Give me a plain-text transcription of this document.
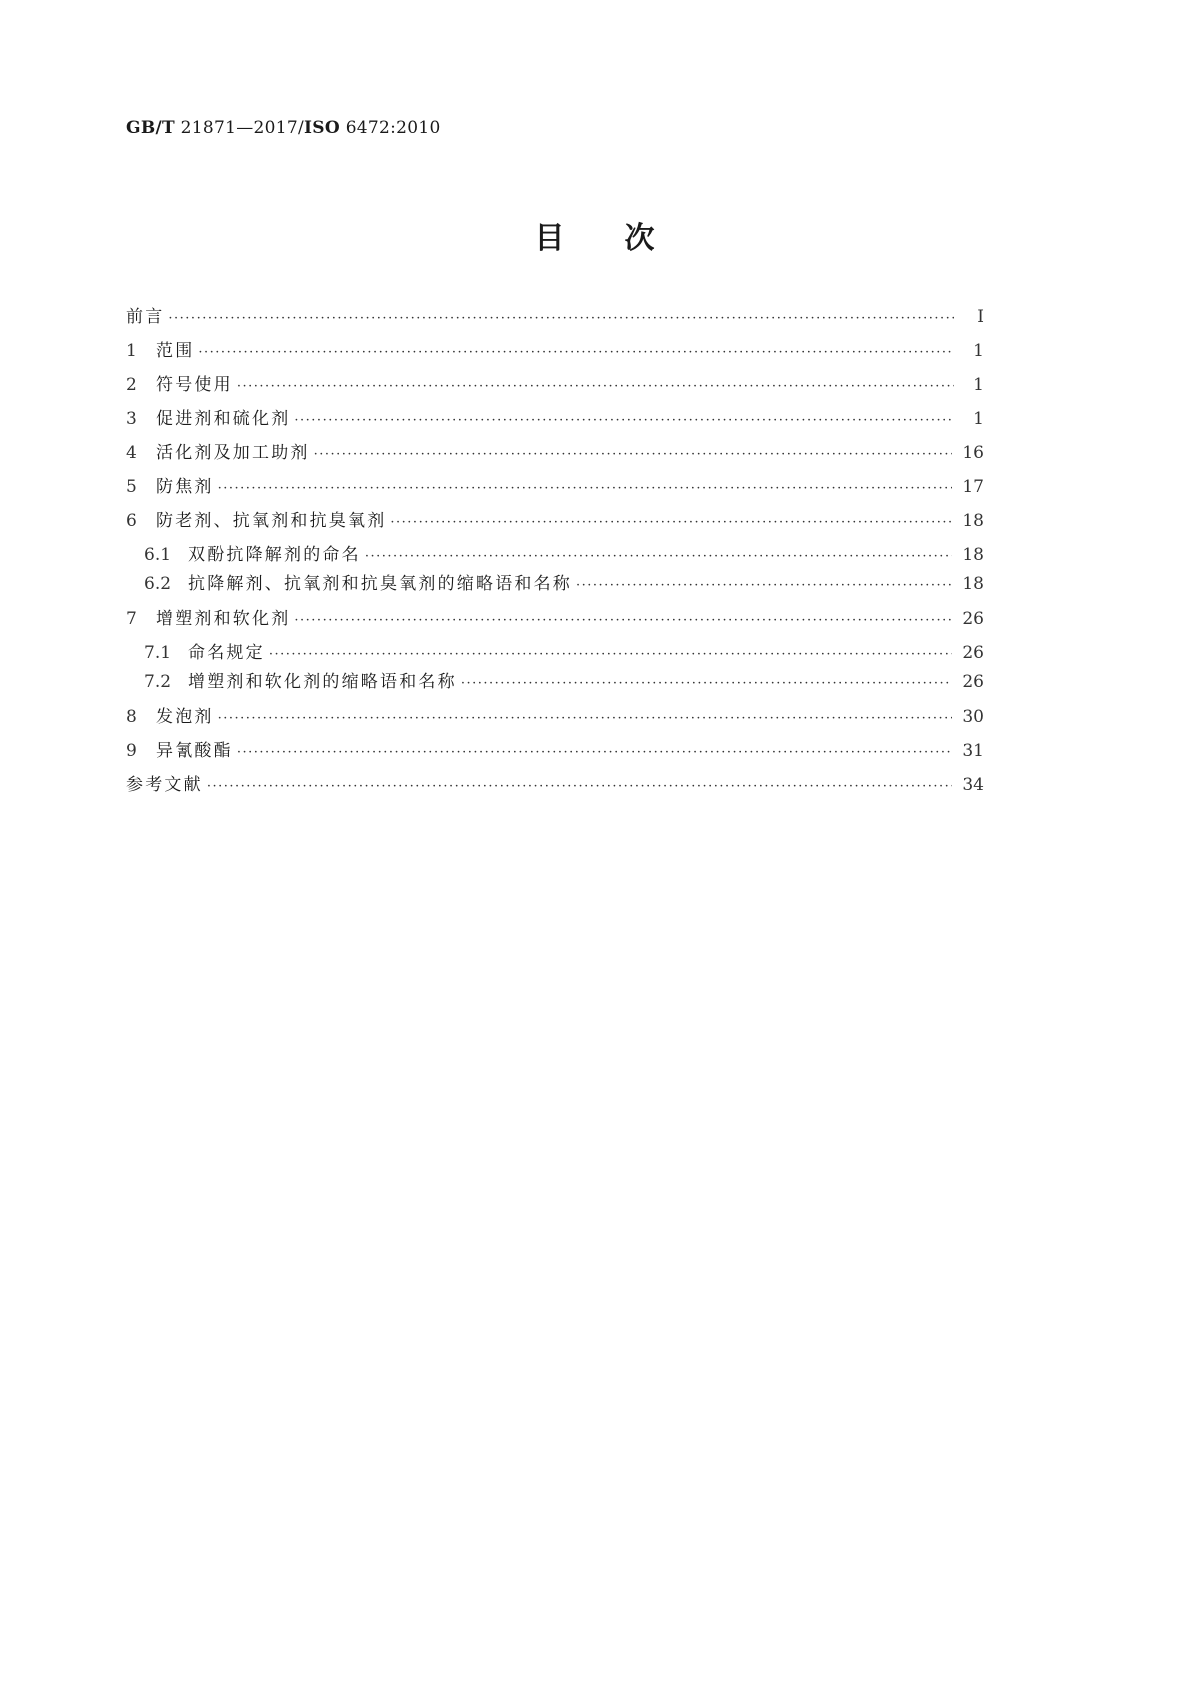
GB/T 21871—2017/ISO 6472:2010
目 次
前言 ·····	Ⅰ
1	范围 ·····	1
2	符号使用 ·····	1
3	促进剂和硫化剂 ·····	1
4	活化剂及加工助剂 ·····	16
5	防焦剂 ·····	17
6	防老剂、抗氧剂和抗臭氧剂 ·····	18
6.1 双酚抗降解剂的命名 ·····	18
6.2 抗降解剂、抗氧剂和抗臭氧剂的缩略语和名称 ·····	18
7	增塑剂和软化剂 ·····	26
7.1 命名规定 ·····	26
7.2 增塑剂和软化剂的缩略语和名称 ·····	26
8	发泡剂 ·····	30
9	异氰酸酯 ·····	31
参考文献 ·····	34
